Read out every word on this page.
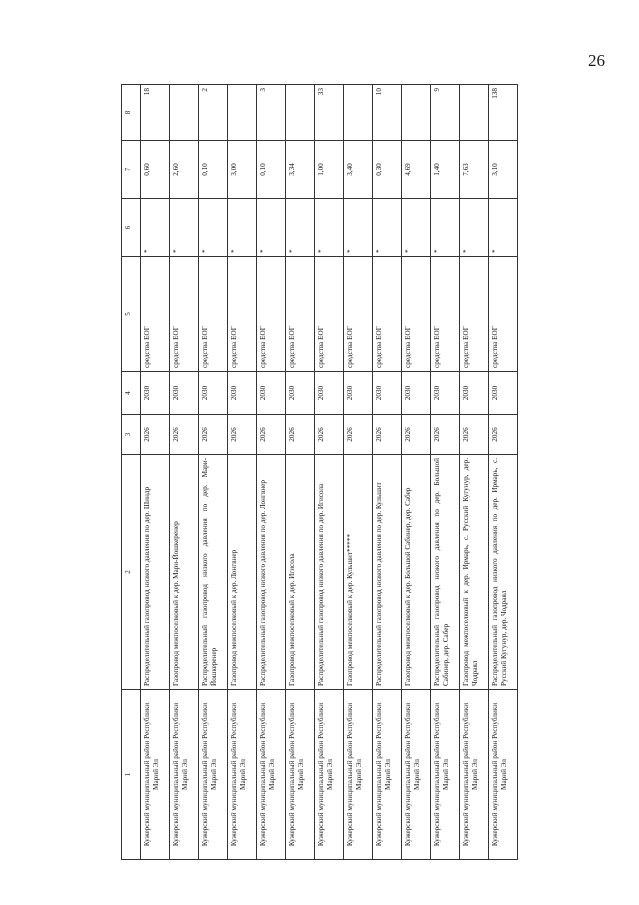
26
1	2	3	4	5	6	7	8
Кужерский муниципальный район Республики Марий Эл	Распределительный газопровод низкого давления по дер. Шиндр	2026	2030	средства ЕОГ	*	0,60	18
Кужерский муниципальный район Республики Марий Эл	Газопровод межпоселковый к дер. Мари-Йошкеренер	2026	2030	средства ЕОГ	*	2,60	
Кужерский муниципальный район Республики Марий Эл	Распределительный газопровод низкого давления по дер. Мари-Йошкеренер	2026	2030	средства ЕОГ	*	0,10	2
Кужерский муниципальный район Республики Марий Эл	Газопровод межпоселковый к дер. Лонгвнер	2026	2030	средства ЕОГ	*	3,00	
Кужерский муниципальный район Республики Марий Эл	Распределительный газопровод низкого давления по дер. Лонгвнер	2026	2030	средства ЕОГ	*	0,10	3
Кужерский муниципальный район Республики Марий Эл	Газопровод межпоселковый к дер. Игисола	2026	2030	средства ЕОГ	*	3,34	
Кужерский муниципальный район Республики Марий Эл	Распределительный газопровод низкого давления по дер. Игисола	2026	2030	средства ЕОГ	*	1,00	33
Кужерский муниципальный район Республики Марий Эл	Газопровод межпоселковый к дер. Кульшит*****	2026	2030	средства ЕОГ	*	3,40	
Кужерский муниципальный район Республики Марий Эл	Распределительный газопровод низкого давления по дер. Кульшит	2026	2030	средства ЕОГ	*	0,30	10
Кужерский муниципальный район Республики Марий Эл	Газопровод межпоселковый к дер. Большой Сабинер, дер. Сабер	2026	2030	средства ЕОГ	*	4,69	
Кужерский муниципальный район Республики Марий Эл	Распределительный газопровод низкого давления по дер. Большой Сабинер, дер. Сабер	2026	2030	средства ЕОГ	*	1,40	9
Кужерский муниципальный район Республики Марий Эл	Газопровод межпоселковый к дер. Ирмарь, с. Русский Кугунур, дер. Чодраял	2026	2030	средства ЕОГ	*	7,63	
Кужерский муниципальный район Республики Марий Эл	Распределительный газопровод низкого давления по дер. Ирмарь, с. Русский Кугунур, дер. Чодраял	2026	2030	средства ЕОГ	*	3,10	138
